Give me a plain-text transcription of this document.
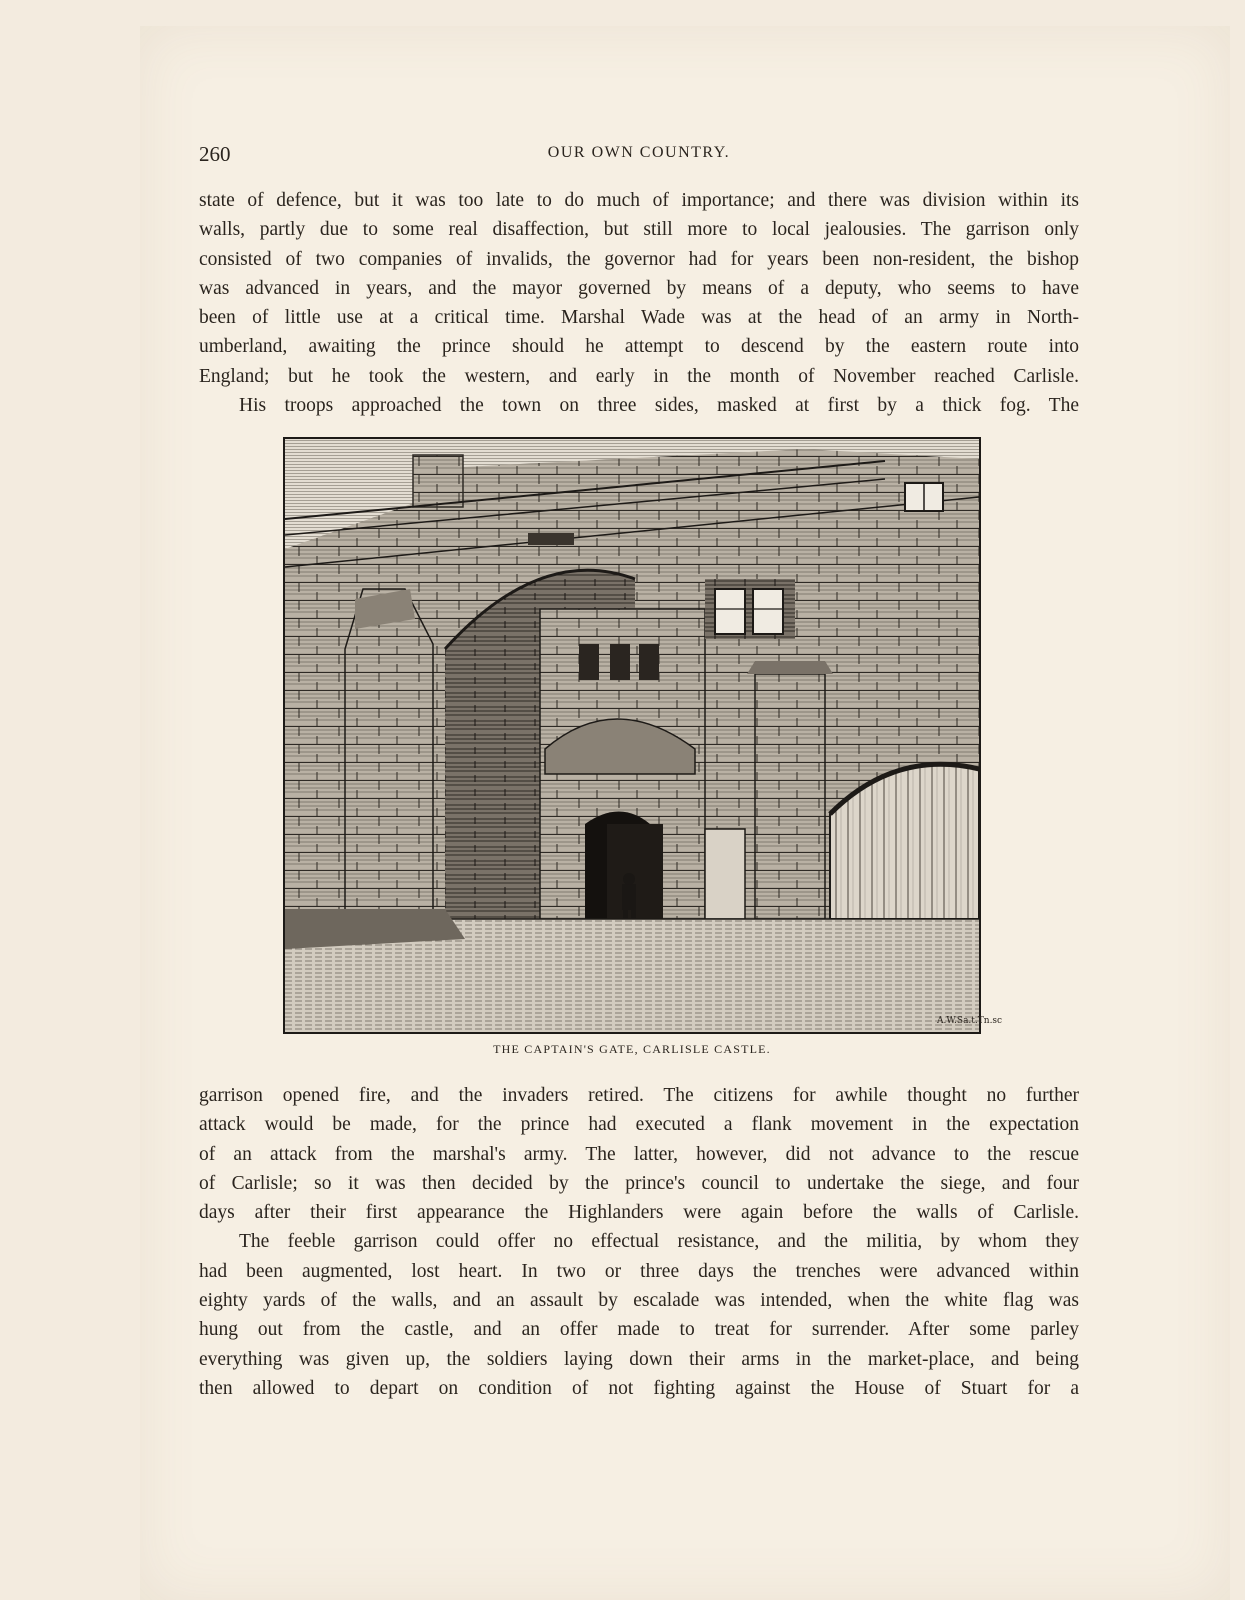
260	OUR OWN COUNTRY.
state of defence, but it was too late to do much of importance; and there was division within its
walls, partly due to some real disaffection, but still more to local jealousies. The garrison only
consisted of two companies of invalids, the governor had for years been non-resident, the bishop
was advanced in years, and the mayor governed by means of a deputy, who seems to have
been of little use at a critical time. Marshal Wade was at the head of an army in North-
umberland, awaiting the prince should he attempt to descend by the eastern route into
England; but he took the western, and early in the month of November reached Carlisle.
His troops approached the town on three sides, masked at first by a thick fog. The
A.W.Sa.t.Tn.sc
THE CAPTAIN'S GATE, CARLISLE CASTLE.
garrison opened fire, and the invaders retired. The citizens for awhile thought no further
attack would be made, for the prince had executed a flank movement in the expectation
of an attack from the marshal's army. The latter, however, did not advance to the rescue
of Carlisle; so it was then decided by the prince's council to undertake the siege, and four
days after their first appearance the Highlanders were again before the walls of Carlisle.
The feeble garrison could offer no effectual resistance, and the militia, by whom they
had been augmented, lost heart. In two or three days the trenches were advanced within
eighty yards of the walls, and an assault by escalade was intended, when the white flag was
hung out from the castle, and an offer made to treat for surrender. After some parley
everything was given up, the soldiers laying down their arms in the market-place, and being
then allowed to depart on condition of not fighting against the House of Stuart for a
